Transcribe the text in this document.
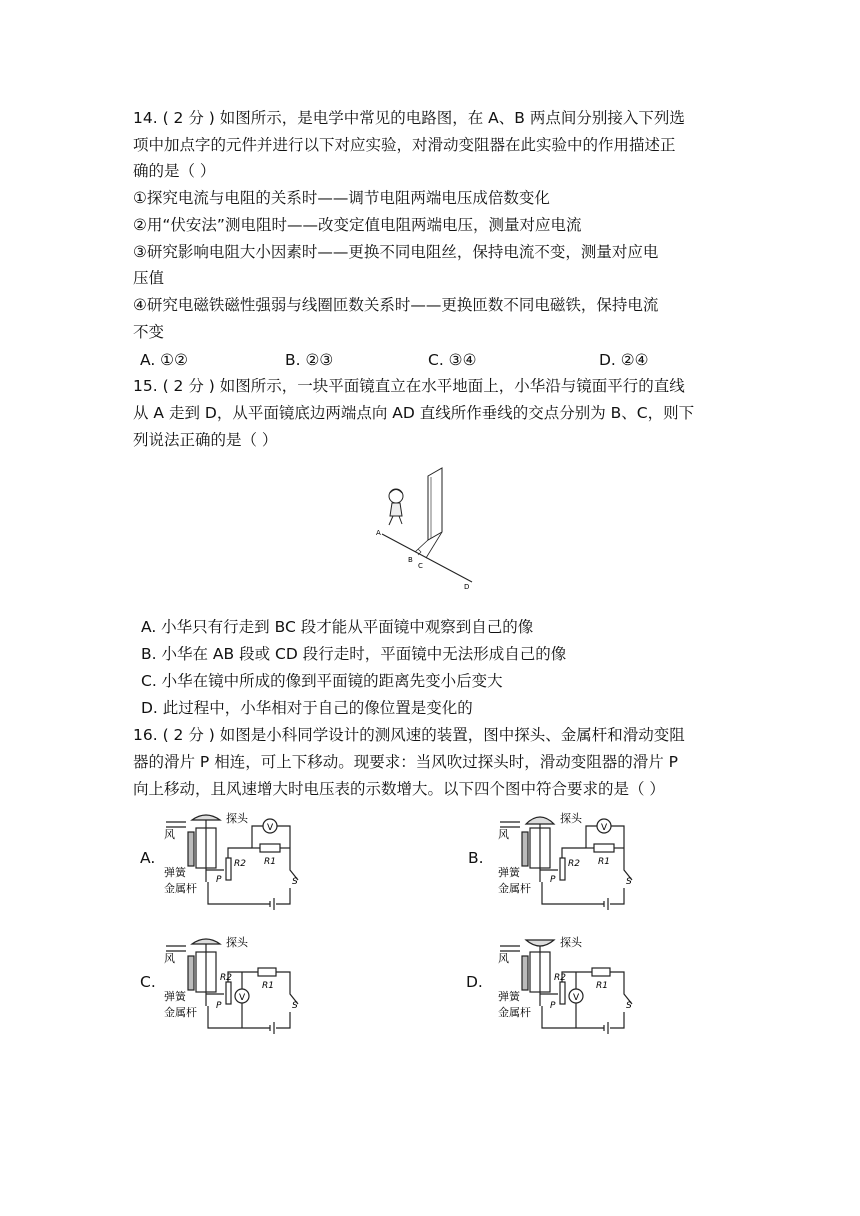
14. ( 2 分 ) 如图所示，是电学中常见的电路图，在 A、B 两点间分别接入下列选
项中加点字的元件并进行以下对应实验，对滑动变阻器在此实验中的作用描述正
确的是（ ）
①探究电流与电阻的关系时——调节电阻两端电压成倍数变化
②用“伏安法”测电阻时——改变定值电阻两端电压，测量对应电流
③研究影响电阻大小因素时——更换不同电阻丝，保持电流不变，测量对应电
压值
④研究电磁铁磁性强弱与线圈匝数关系时——更换匝数不同电磁铁，保持电流
不变
A. ①②	B. ②③	C. ③④	D. ②④
15. ( 2 分 ) 如图所示，一块平面镜直立在水平地面上，小华沿与镜面平行的直线
从 A 走到 D，从平面镜底边两端点向 AD 直线所作垂线的交点分别为 B、C，则下
列说法正确的是（ ）
A
B
C
D
A. 小华只有行走到 BC 段才能从平面镜中观察到自己的像
B. 小华在 AB 段或 CD 段行走时，平面镜中无法形成自己的像
C. 小华在镜中所成的像到平面镜的距离先变小后变大
D. 此过程中，小华相对于自己的像位置是变化的
16. ( 2 分 ) 如图是小科同学设计的测风速的装置，图中探头、金属杆和滑动变阻
器的滑片 P 相连，可上下移动。现要求：当风吹过探头时，滑动变阻器的滑片 P
向上移动，且风速增大时电压表的示数增大。以下四个图中符合要求的是（ ）
A.	B.
C.	D.
V
R1
R2
P	S
风
探头
弹簧
金属杆
V
R1
R2
P	S
风
探头
弹簧
金属杆
V
R1
R2
P	S
风
探头
弹簧
金属杆
V
R1
R2
P	S
风
探头
弹簧
金属杆
